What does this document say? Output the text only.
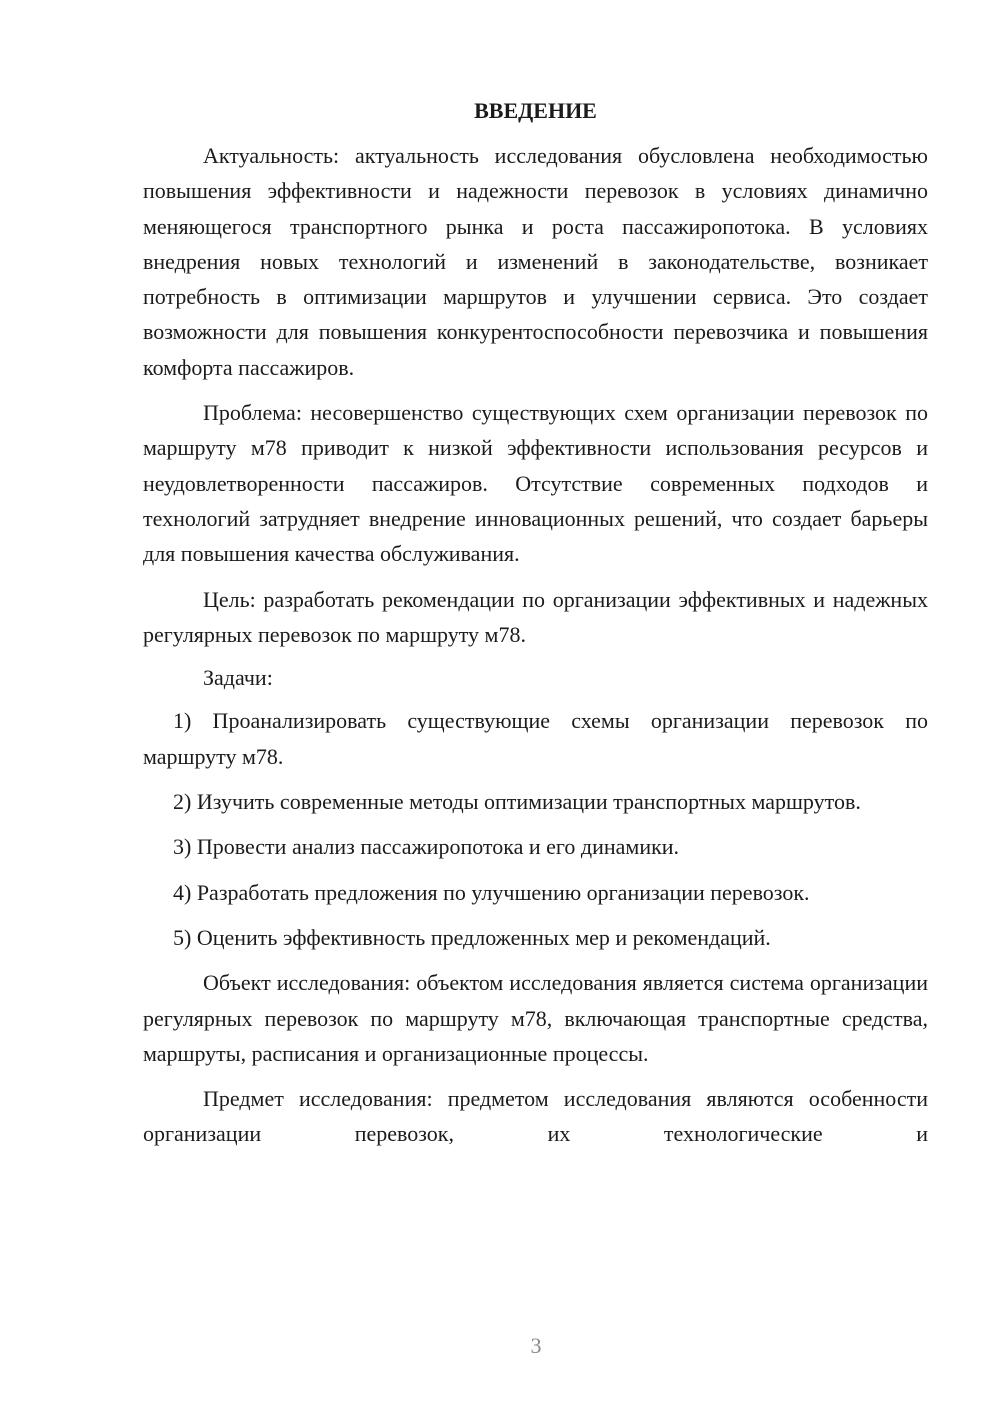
ВВЕДЕНИЕ

Актуальность: актуальность исследования обусловлена необходимостью повышения эффективности и надежности перевозок в условиях динамично меняющегося транспортного рынка и роста пассажиропотока. В условиях внедрения новых технологий и изменений в законодательстве, возникает потребность в оптимизации маршрутов и улучшении сервиса. Это создает возможности для повышения конкурентоспособности перевозчика и повышения комфорта пассажиров.

Проблема: несовершенство существующих схем организации перевозок по маршруту м78 приводит к низкой эффективности использования ресурсов и неудовлетворенности пассажиров. Отсутствие современных подходов и технологий затрудняет внедрение инновационных решений, что создает барьеры для повышения качества обслуживания.

Цель: разработать рекомендации по организации эффективных и надежных регулярных перевозок по маршруту м78.

Задачи:

1) Проанализировать существующие схемы организации перевозок по маршруту м78.

2) Изучить современные методы оптимизации транспортных маршрутов.

3) Провести анализ пассажиропотока и его динамики.

4) Разработать предложения по улучшению организации перевозок.

5) Оценить эффективность предложенных мер и рекомендаций.

Объект исследования: объектом исследования является система организации регулярных перевозок по маршруту м78, включающая транспортные средства, маршруты, расписания и организационные процессы.

Предмет исследования: предметом исследования являются особенности организации перевозок, их технологические и

3
